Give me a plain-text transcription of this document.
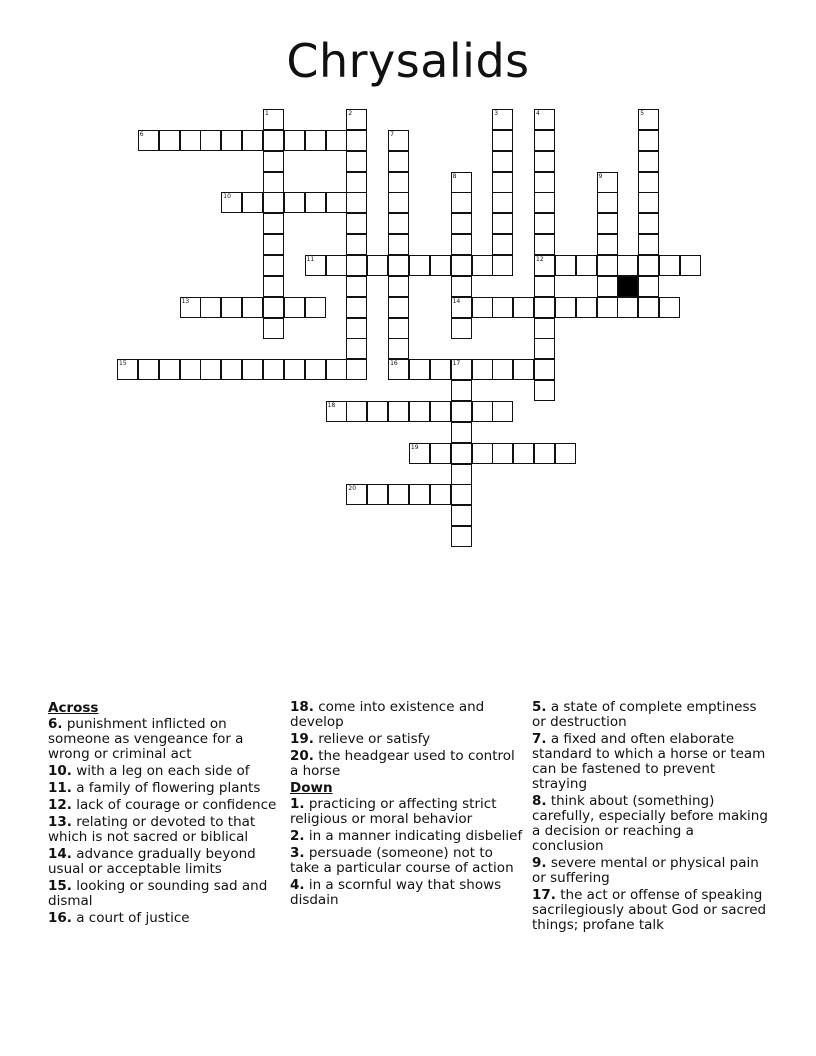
Chrysalids
1	2	3	4
12
5
6	7
16
8
14
9
10
11
13
15	17
18
19
20
Across
6. punishment inflicted on someone as vengeance for a wrong or criminal act
10. with a leg on each side of
11. a family of flowering plants
12. lack of courage or confidence
13. relating or devoted to that which is not sacred or biblical
14. advance gradually beyond usual or acceptable limits
15. looking or sounding sad and dismal
16. a court of justice
18. come into existence and develop
19. relieve or satisfy
20. the headgear used to control a horse
Down
1. practicing or affecting strict religious or moral behavior
2. in a manner indicating disbelief
3. persuade (someone) not to take a particular course of action
4. in a scornful way that shows disdain
5. a state of complete emptiness or destruction
7. a fixed and often elaborate standard to which a horse or team can be fastened to prevent straying
8. think about (something) carefully, especially before making a decision or reaching a conclusion
9. severe mental or physical pain or suffering
17. the act or offense of speaking sacrilegiously about God or sacred things; profane talk
